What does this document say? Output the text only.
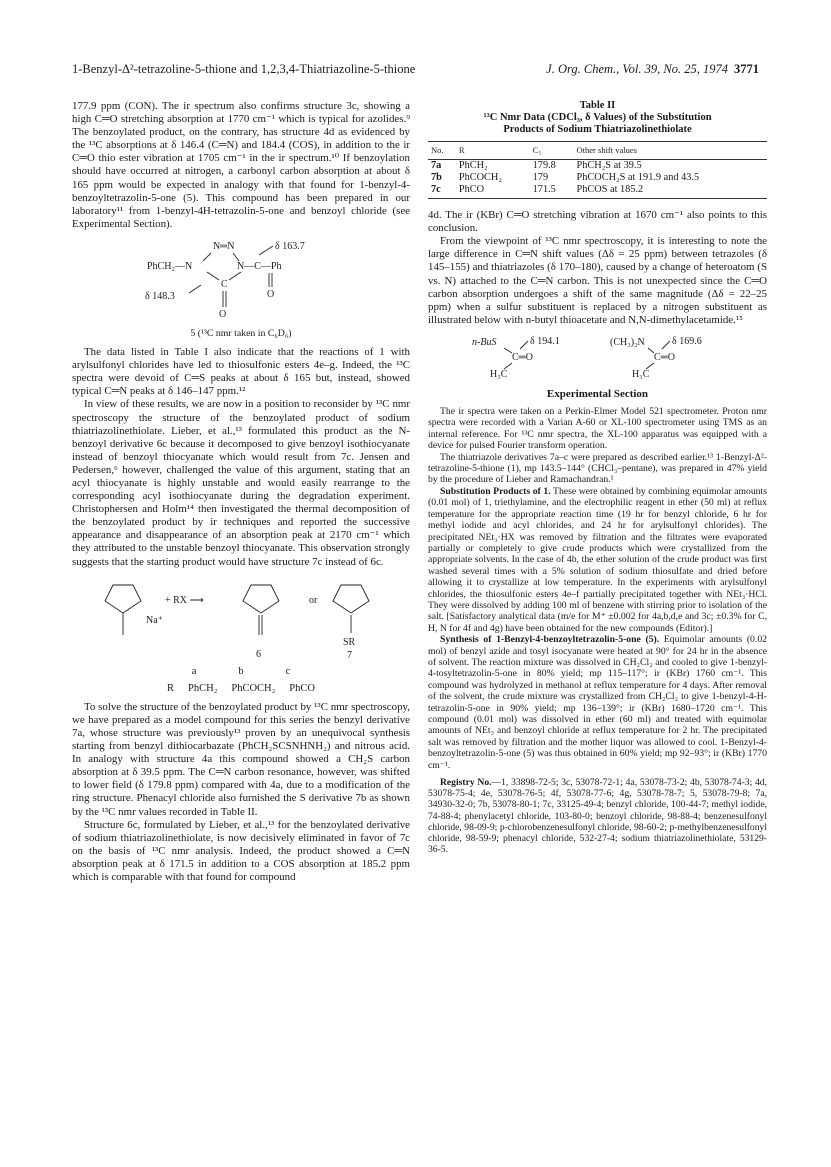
1-Benzyl-Δ²-tetrazoline-5-thione and 1,2,3,4-Thiatriazoline-5-thione	J. Org. Chem., Vol. 39, No. 25, 1974 3771

177.9 ppm (CON). The ir spectrum also confirms structure 3c, showing a high C═O stretching absorption at 1770 cm⁻¹ which is typical for azolides.⁹ The benzoylated product, on the contrary, has structure 4d as evidenced by the ¹³C absorptions at δ 146.4 (C═N) and 184.4 (COS), in addition to the ir C═O thio ester vibration at 1705 cm⁻¹ in the ir spectrum.¹⁰ If benzoylation should have occurred at nitrogen, a carbonyl carbon absorption at about δ 165 ppm would be expected in analogy with that found for 1-benzyl-4-benzoyltetrazolin-5-one (5). This compound has been prepared in our laboratory¹¹ from 1-benzyl-4H-tetrazolin-5-one and benzoyl chloride (see Experimental Section).

N═N	δ 163.7
PhCH₂—N	N—C—Ph
C
δ 148.3	O
O
5 (¹³C nmr taken in C₆D₆)

The data listed in Table I also indicate that the reactions of 1 with arylsulfonyl chlorides have led to thiosulfonic esters 4e–g. Indeed, the ¹³C spectra were devoid of C═S peaks at about δ 165 but, instead, showed typical C═N peaks at δ 146–147 ppm.¹²

In view of these results, we are now in a position to reconsider by ¹³C nmr spectroscopy the structure of the benzoylated product of sodium thiatriazolinethiolate. Lieber, et al.,¹³ formulated this product as the N-benzoyl derivative 6c because it decomposed to give benzoyl isothiocyanate instead of benzoyl thiocyanate which would result from 7c. Jensen and Pedersen,⁶ however, challenged the value of this argument, stating that an acyl thiocyanate is highly unstable and would easily rearrange to the corresponding acyl isothiocyanate during the degradation experiment. Christophersen and Holm¹⁴ then investigated the thermal decomposition of the benzoylated product by ir techniques and reported the successive appearance and disappearance of an absorption peak at 2170 cm⁻¹ which they attributed to the unstable benzoyl thiocyanate. This observation strongly suggests that the starting product would have structure 7c instead of 6c.

Na⁺
+ RX ⟶	or
6
SR
7
a	b	c
R PhCH₂ PhCOCH₂ PhCO

To solve the structure of the benzoylated product by ¹³C nmr spectroscopy, we have prepared as a model compound for this series the benzyl derivative 7a, whose structure was previously¹³ proven by an unequivocal synthesis starting from benzyl dithiocarbazate (PhCH₂SCSNHNH₂) and nitrous acid. In analogy with structure 4a this compound showed a CH₂S carbon absorption at δ 39.5 ppm. The C═N carbon resonance, however, was shifted to lower field (δ 179.8 ppm) compared with 4a, due to a modification of the ring structure. Phenacyl chloride also furnished the S derivative 7b as shown by the ¹³C nmr values recorded in Table II.

Structure 6c, formulated by Lieber, et al.,¹³ for the benzoylated derivative of sodium thiatriazolinethiolate, is now decisively eliminated in favor of 7c on the basis of ¹³C nmr analysis. Indeed, the product showed a C═N absorption peak at δ 171.5 in addition to a COS absorption at 185.2 ppm which is comparable with that found for compound

Table II
¹³C Nmr Data (CDCl₃, δ Values) of the Substitution
Products of Sodium Thiatriazolinethiolate
No.	R	C₅	Other shift values
7a	PhCH₂	179.8	PhCH₂S at 39.5
7b	PhCOCH₂	179	PhCOCH₂S at 191.9 and 43.5
7c	PhCO	171.5	PhCOS at 185.2

4d. The ir (KBr) C═O stretching vibration at 1670 cm⁻¹ also points to this conclusion.

From the viewpoint of ¹³C nmr spectroscopy, it is interesting to note the large difference in C═N shift values (Δδ = 25 ppm) between tetrazoles (δ 145–155) and thiatriazoles (δ 170–180), caused by a change of heteroatom (S vs. N) attached to the C═N carbon. This is not unexpected since the C═O carbon absorption undergoes a shift of the same magnitude (Δδ = 22–25 ppm) when a sulfur substituent is replaced by a nitrogen substituent as illustrated below with n-butyl thioacetate and N,N-dimethylacetamide.¹⁵

n-BuS	δ 194.1
C═O
H₃C
(CH₃)₂N	δ 169.6
C═O
H₃C
Experimental Section

The ir spectra were taken on a Perkin-Elmer Model 521 spectrometer. Proton nmr spectra were recorded with a Varian A-60 or XL-100 spectrometer using TMS as an internal reference. For ¹³C nmr spectra, the XL-100 apparatus was equipped with a device for pulsed Fourier transform operation.

The thiatriazole derivatives 7a–c were prepared as described earlier.¹³ 1-Benzyl-Δ²-tetrazoline-5-thione (1), mp 143.5–144° (CHCl₃–pentane), was prepared in 47% yield by the procedure of Lieber and Ramachandran.¹

Substitution Products of 1. These were obtained by combining equimolar amounts (0.01 mol) of 1, triethylamine, and the electrophilic reagent in ether (50 ml) at reflux temperature for the appropriate reaction time (19 hr for benzyl chloride, 6 hr for methyl iodide and acyl chlorides, and 24 hr for arylsulfonyl chlorides). The precipitated NEt₃·HX was removed by filtration and the filtrates were evaporated partially or completely to give crude products which were crystallized from the appropriate solvents. In the case of 4b, the ether solution of the crude product was first washed several times with a 5% solution of sodium thiosulfate and dried before allowing it to crystallize at low temperature. In the experiments with arylsulfonyl chlorides, the thiosulfonic esters 4e–f partially precipitated together with NEt₃·HCl. They were dissolved by adding 100 ml of benzene with stirring prior to isolation of the salt. [Satisfactory analytical data (m/e for M⁺ ±0.002 for 4a,b,d,e and 3c; ±0.3% for C, H, N for 4f and 4g) have been obtained for the new compounds (Editor).]

Synthesis of 1-Benzyl-4-benzoyltetrazolin-5-one (5). Equimolar amounts (0.02 mol) of benzyl azide and tosyl isocyanate were heated at 90° for 24 hr in the absence of solvent. The reaction mixture was dissolved in CH₂Cl₂ and cooled to give 1-benzyl-4-tosyltetrazolin-5-one in 80% yield; mp 115–117°; ir (KBr) 1760 cm⁻¹. This compound was hydrolyzed in methanol at reflux temperature for 4 days. After removal of the solvent, the crude mixture was crystallized from CH₂Cl₂ to give 1-benzyl-4-H-tetrazolin-5-one in 90% yield; mp 136–139°; ir (KBr) 1680–1720 cm⁻¹. This compound (0.01 mol) was dissolved in ether (60 ml) and treated with equimolar amounts of NEt₃ and benzoyl chloride at reflux temperature for 2 hr. The precipitated salt was removed by filtration and the mother liquor was allowed to cool. 1-Benzyl-4-benzoyltetrazolin-5-one (5) was thus obtained in 60% yield; mp 92–93°; ir (KBr) 1770 cm⁻¹.

Registry No.—1, 33898-72-5; 3c, 53078-72-1; 4a, 53078-73-2; 4b, 53078-74-3; 4d, 53078-75-4; 4e, 53078-76-5; 4f, 53078-77-6; 4g, 53078-78-7; 5, 53078-79-8; 7a, 34930-32-0; 7b, 53078-80-1; 7c, 33125-49-4; benzyl chloride, 100-44-7; methyl iodide, 74-88-4; phenylacetyl chloride, 103-80-0; benzoyl chloride, 98-88-4; benzenesulfonyl chloride, 98-09-9; p-chlorobenzenesulfonyl chloride, 98-60-2; p-methylbenzenesulfonyl chloride, 98-59-9; phenacyl chloride, 532-27-4; sodium thiatriazolinethiolate, 53129-36-5.
